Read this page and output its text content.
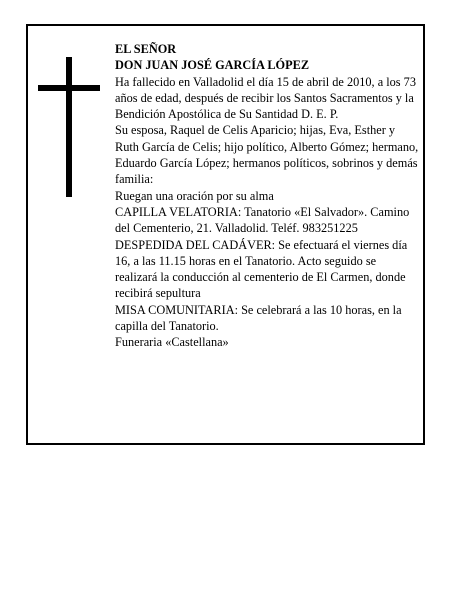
EL SEÑOR

DON JUAN JOSÉ GARCÍA LÓPEZ

Ha fallecido en Valladolid el día 15 de abril de 2010, a los 73 años de edad, después de recibir los Santos Sacramentos y la Bendición Apostólica de Su Santidad D. E. P.

Su esposa, Raquel de Celis Aparicio; hijas, Eva, Esther y Ruth García de Celis; hijo político, Alberto Gómez; hermano, Eduardo García López; hermanos políticos, sobrinos y demás familia:

Ruegan una oración por su alma

CAPILLA VELATORIA: Tanatorio «El Salvador». Camino del Cementerio, 21. Valladolid. Teléf. 983251225

DESPEDIDA DEL CADÁVER: Se efectuará el viernes día 16, a las 11.15 horas en el Tanatorio. Acto seguido se realizará la conducción al cementerio de El Carmen, donde recibirá sepultura

MISA COMUNITARIA: Se celebrará a las 10 horas, en la capilla del Tanatorio.

Funeraria «Castellana»
